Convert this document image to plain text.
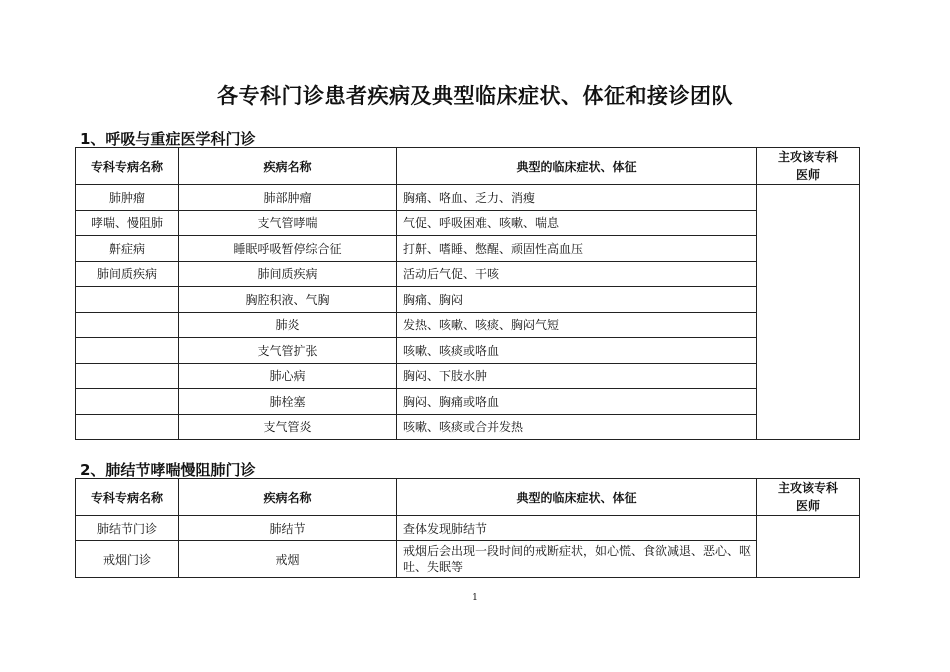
各专科门诊患者疾病及典型临床症状、体征和接诊团队
1、呼吸与重症医学科门诊
专科专病名称	疾病名称	典型的临床症状、体征	主攻该专科
医师
肺肿瘤	肺部肿瘤	胸痛、咯血、乏力、消瘦	
哮喘、慢阻肺	支气管哮喘	气促、呼吸困难、咳嗽、喘息	
鼾症病	睡眠呼吸暂停综合征	打鼾、嗜睡、憋醒、顽固性高血压	
肺间质疾病	肺间质疾病	活动后气促、干咳	
	胸腔积液、气胸	胸痛、胸闷	
	肺炎	发热、咳嗽、咳痰、胸闷气短	
	支气管扩张	咳嗽、咳痰或咯血	
	肺心病	胸闷、下肢水肿	
	肺栓塞	胸闷、胸痛或咯血	
	支气管炎	咳嗽、咳痰或合并发热	
2、肺结节哮喘慢阻肺门诊
专科专病名称	疾病名称	典型的临床症状、体征	主攻该专科
医师
肺结节门诊	肺结节	查体发现肺结节	
戒烟门诊	戒烟	戒烟后会出现一段时间的戒断症状，如心慌、食欲减退、恶心、呕吐、失眠等	
1
